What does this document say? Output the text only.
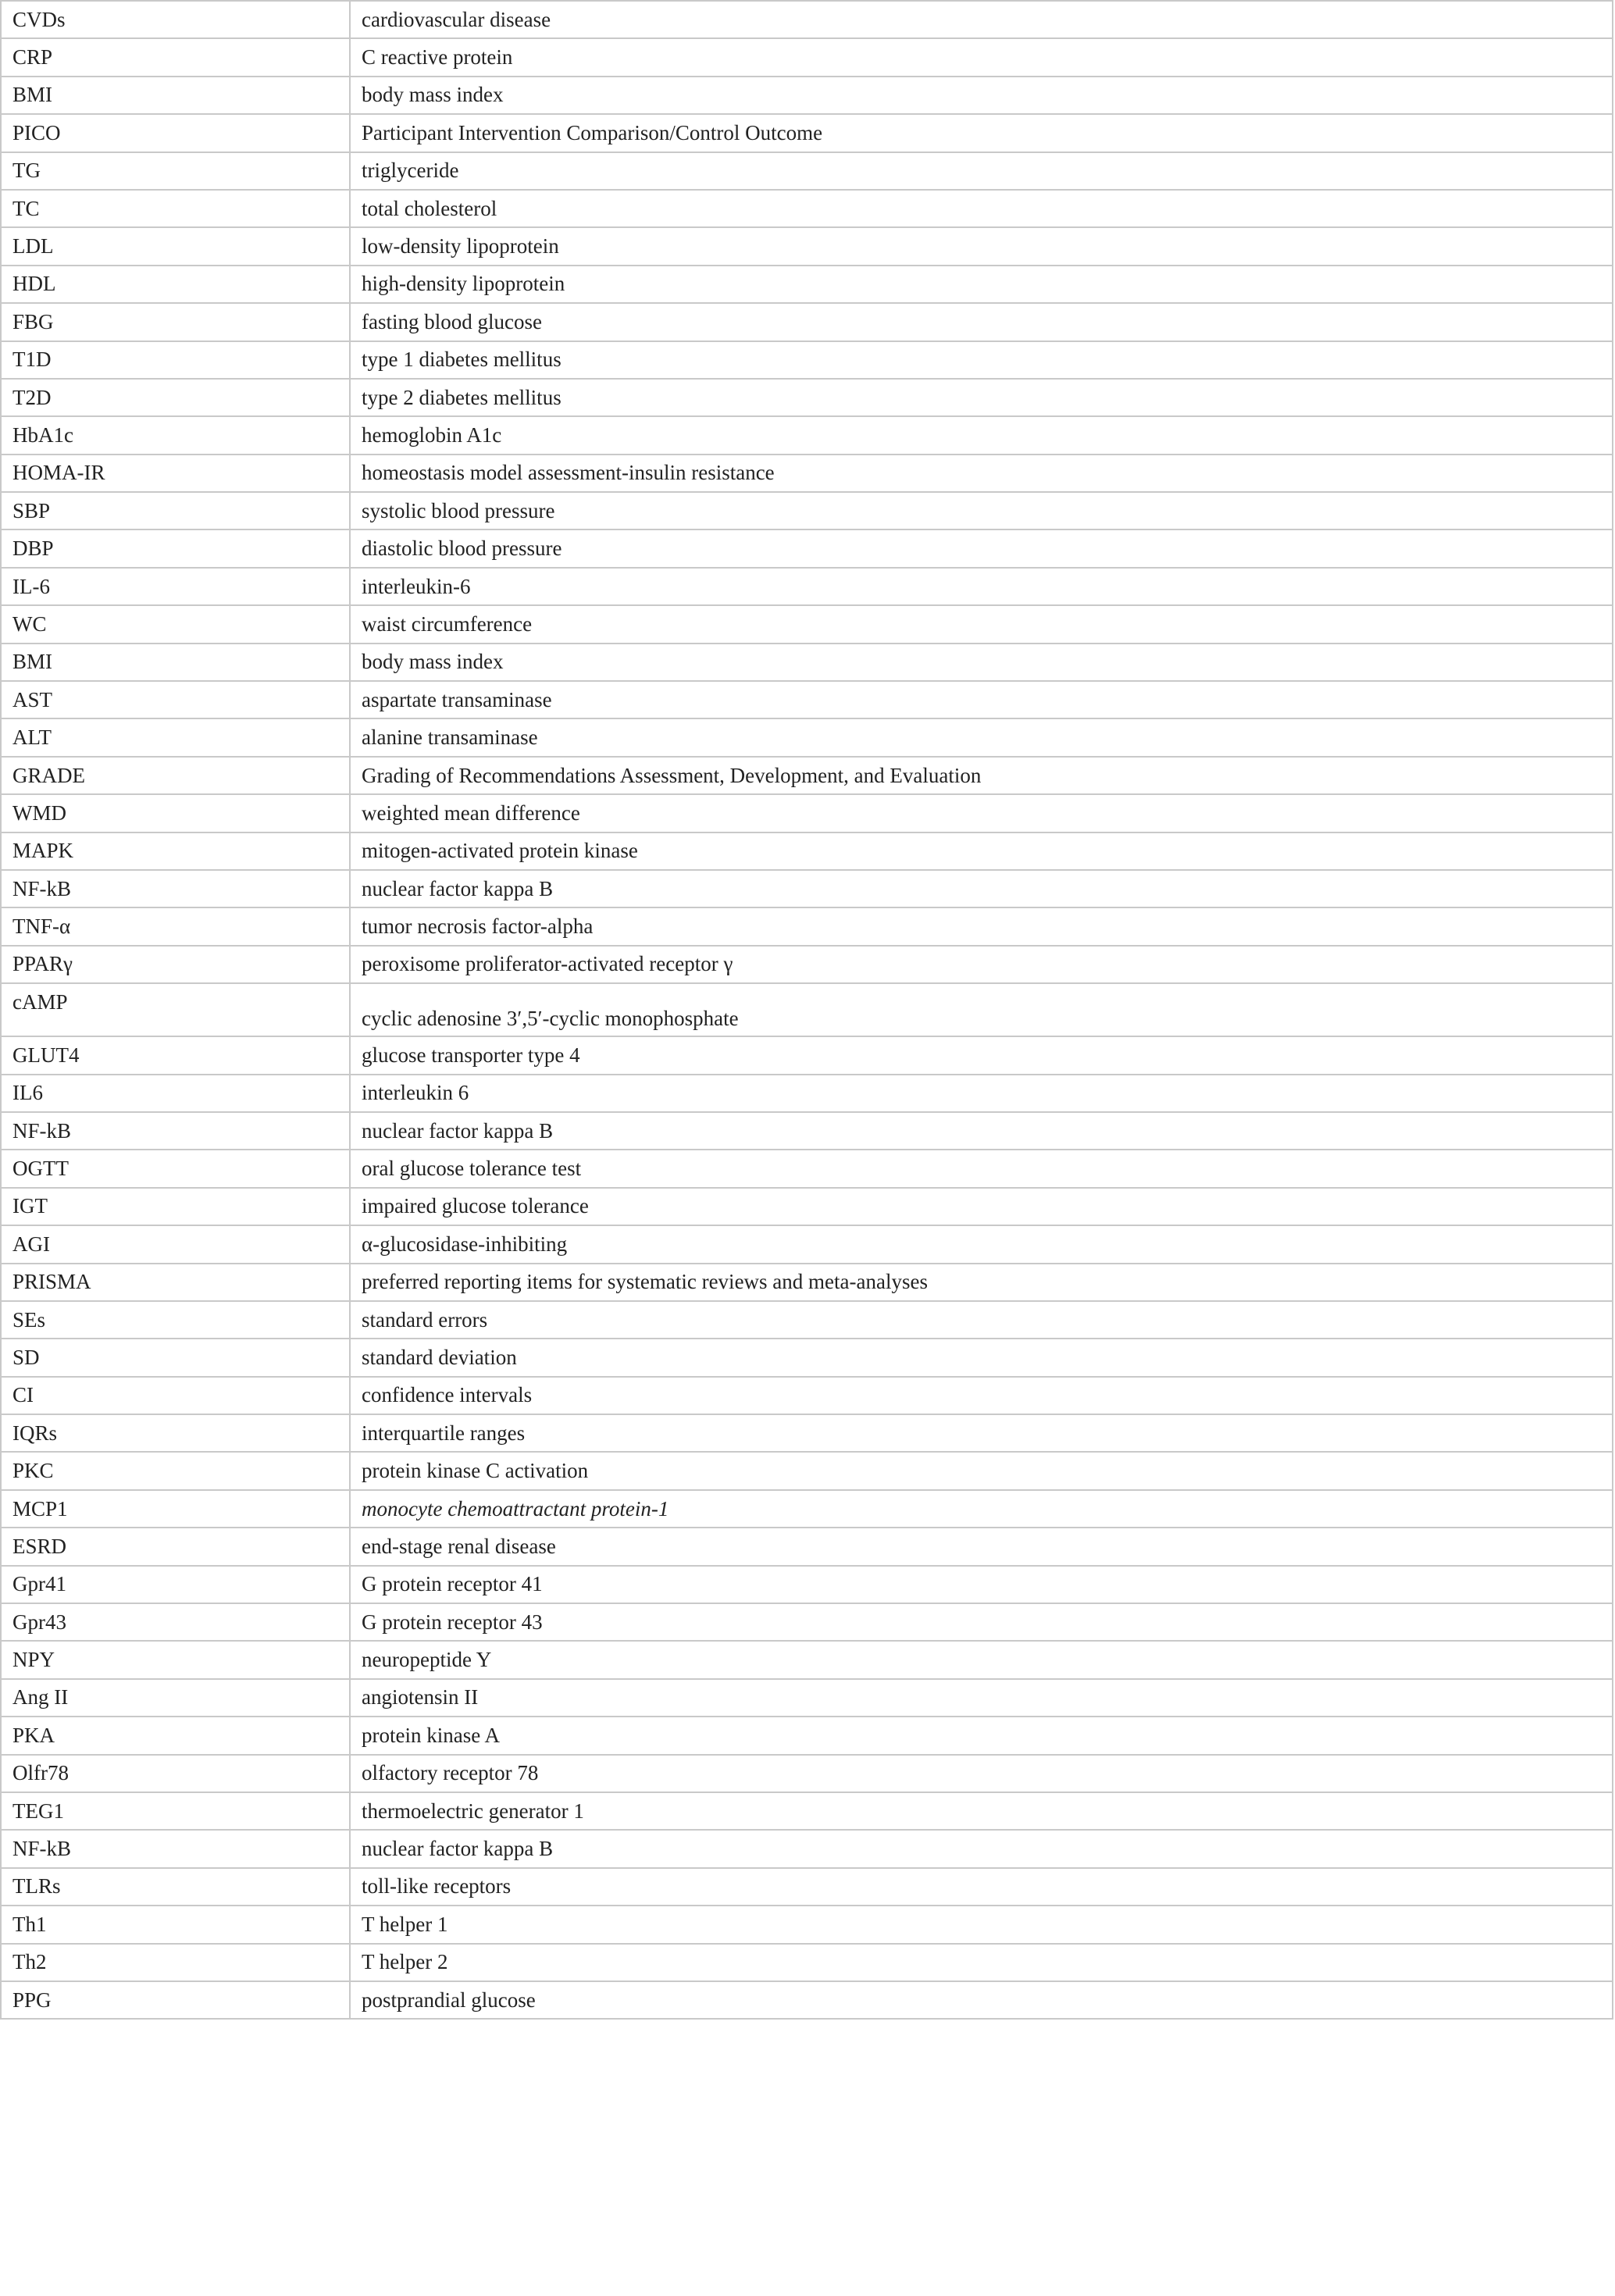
CVDs	cardiovascular disease
CRP	C reactive protein
BMI	body mass index
PICO	Participant Intervention Comparison/Control Outcome
TG	triglyceride
TC	total cholesterol
LDL	low-density lipoprotein
HDL	high-density lipoprotein
FBG	fasting blood glucose
T1D	type 1 diabetes mellitus
T2D	type 2 diabetes mellitus
HbA1c	hemoglobin A1c
HOMA-IR	homeostasis model assessment-insulin resistance
SBP	systolic blood pressure
DBP	diastolic blood pressure
IL-6	interleukin-6
WC	waist circumference
BMI	body mass index
AST	aspartate transaminase
ALT	alanine transaminase
GRADE	Grading of Recommendations Assessment, Development, and Evaluation
WMD	weighted mean difference
MAPK	mitogen-activated protein kinase
NF-kB	nuclear factor kappa B
TNF-α	tumor necrosis factor-alpha
PPARγ	peroxisome proliferator-activated receptor γ
cAMP	cyclic adenosine 3′,5′-cyclic monophosphate
GLUT4	glucose transporter type 4
IL6	interleukin 6
NF-kB	nuclear factor kappa B
OGTT	oral glucose tolerance test
IGT	impaired glucose tolerance
AGI	α-glucosidase-inhibiting
PRISMA	preferred reporting items for systematic reviews and meta-analyses
SEs	standard errors
SD	standard deviation
CI	confidence intervals
IQRs	interquartile ranges
PKC	protein kinase C activation
MCP1	monocyte chemoattractant protein-1
ESRD	end-stage renal disease
Gpr41	G protein receptor 41
Gpr43	G protein receptor 43
NPY	neuropeptide Y
Ang II	angiotensin II
PKA	protein kinase A
Olfr78	olfactory receptor 78
TEG1	thermoelectric generator 1
NF-kB	nuclear factor kappa B
TLRs	toll-like receptors
Th1	T helper 1
Th2	T helper 2
PPG	postprandial glucose
